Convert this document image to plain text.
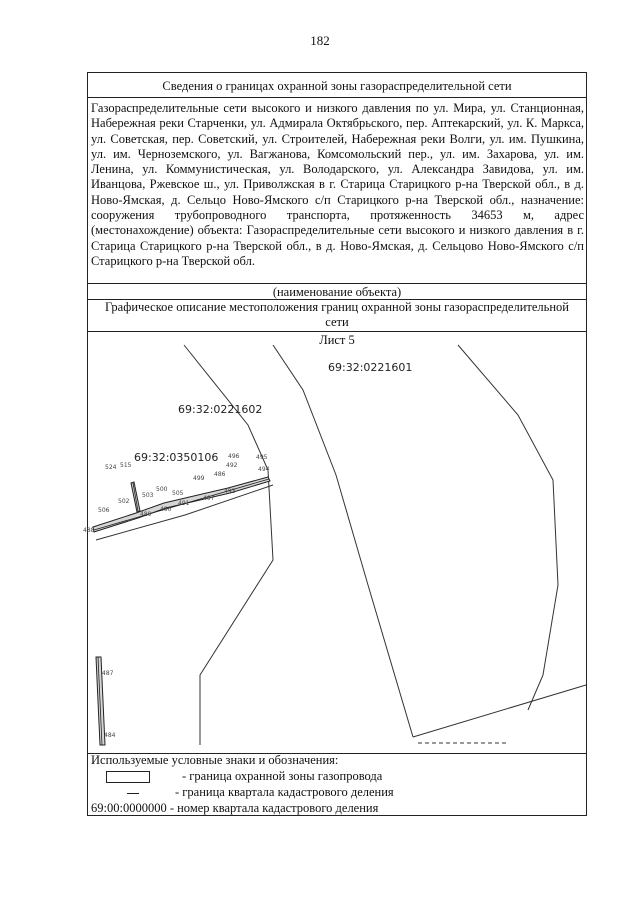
182
Сведения о границах охранной зоны газораспределительной сети
Газораспределительные сети высокого и низкого давления по ул. Мира, ул. Станционная, Набережная реки Старченки, ул. Адмирала Октябрьского, пер. Аптекарский, ул. К. Маркса, ул. Советская, пер. Советский, ул. Строителей, Набережная реки Волги, ул. им. Пушкина, ул. им. Черноземского, ул. Вагжанова, Комсомольский пер., ул. им. Захарова, ул. им. Ленина, ул. Коммунистическая, ул. Володарского, ул. Александра Завидова, ул. им. Иванцова, Ржевское ш., ул. Приволжская в г. Старица Старицкого р-на Тверской обл., в д. Ново-Ямская, д. Сельцо Ново-Ямского с/п Старицкого р-на Тверской обл., назначение: сооружения трубопроводного транспорта, протяженность 34653 м, адрес (местонахождение) объекта: Газораспределительные сети высокого и низкого давления в г. Старица Старицкого р-на Тверской обл., в д. Ново-Ямская, д. Сельцово Ново-Ямского с/п Старицкого р-на Тверской обл.
(наименование объекта)
Графическое описание местоположения границ охранной зоны газораспределительной сети
Лист 5
69:32:0221601
69:32:0221602
69:32:0350106
524 515
496	495
492
494
486
493
499
502
503
506
500
490
491
497
505
489
488
487
484
Используемые условные знаки и обозначения:
- граница охранной зоны газопровода
- граница квартала кадастрового деления
69:00:0000000 - номер квартала кадастрового деления
